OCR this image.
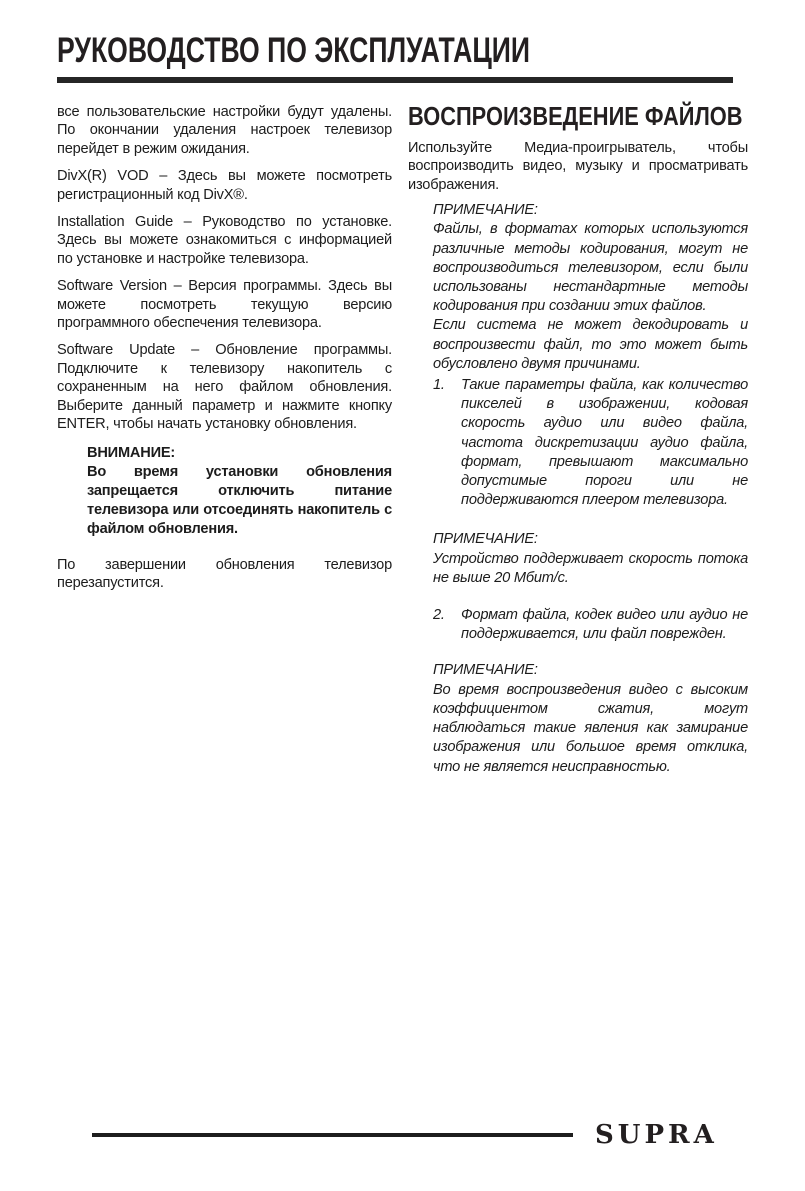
РУКОВОДСТВО ПО ЭКСПЛУАТАЦИИ

все пользовательские настройки будут удалены. По окончании удаления настроек телевизор перейдет в режим ожидания.

DivX(R) VOD – Здесь вы можете посмотреть регистрационный код DivX®.

Installation Guide – Руководство по установке. Здесь вы можете ознакомиться с информацией по установке и настройке телевизора.

Software Version – Версия программы. Здесь вы можете посмотреть текущую версию программного обеспечения телевизора.

Software Update – Обновление программы. Подключите к телевизору накопитель с сохраненным на него файлом обновления. Выберите данный параметр и нажмите кнопку ENTER, чтобы начать установку обновления.

ВНИМАНИЕ:

Во время установки обновления запрещается отключить питание телевизора или отсоединять накопитель с файлом обновления.

По завершении обновления телевизор перезапустится.

ВОСПРОИЗВЕДЕНИЕ ФАЙЛОВ

Используйте Медиа-проигрыватель, чтобы воспроизводить видео, музыку и просматривать изображения.

ПРИМЕЧАНИЕ:

Файлы, в форматах которых используются различные методы кодирования, могут не воспроизводиться телевизором, если были использованы нестандартные методы кодирования при создании этих файлов.

Если система не может декодировать и воспроизвести файл, то это может быть обусловлено двумя причинами.

1.	Такие параметры файла, как количество пикселей в изображении, кодовая скорость аудио или видео файла, частота дискретизации аудио файла, формат, превышают максимально допустимые пороги или не поддерживаются плеером телевизора.

ПРИМЕЧАНИЕ:

Устройство поддерживает скорость потока не выше 20 Мбит/с.

2.	Формат файла, кодек видео или аудио не поддерживается, или файл поврежден.

ПРИМЕЧАНИЕ:

Во время воспроизведения видео с высоким коэффициентом сжатия, могут наблюдаться такие явления как замирание изображения или большое время отклика, что не является неисправностью.

SUPRA
